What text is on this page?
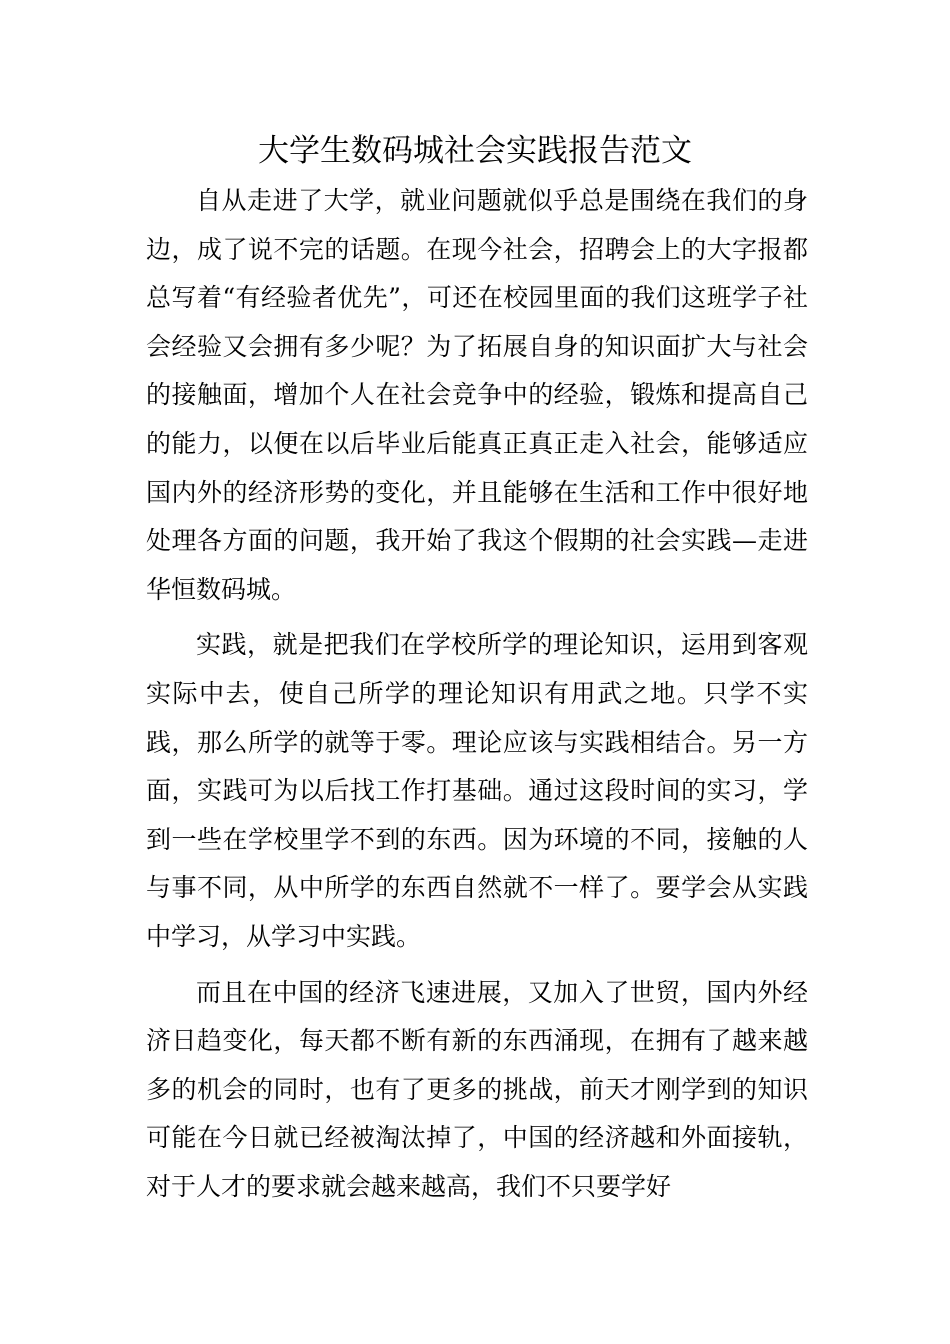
大学生数码城社会实践报告范文

自从走进了大学，就业问题就似乎总是围绕在我们的身边，成了说不完的话题。在现今社会，招聘会上的大字报都总写着“有经验者优先”，可还在校园里面的我们这班学子社会经验又会拥有多少呢？为了拓展自身的知识面扩大与社会的接触面，增加个人在社会竞争中的经验，锻炼和提高自己的能力，以便在以后毕业后能真正真正走入社会，能够适应国内外的经济形势的变化，并且能够在生活和工作中很好地处理各方面的问题，我开始了我这个假期的社会实践—走进华恒数码城。

实践，就是把我们在学校所学的理论知识，运用到客观实际中去，使自己所学的理论知识有用武之地。只学不实践，那么所学的就等于零。理论应该与实践相结合。另一方面，实践可为以后找工作打基础。通过这段时间的实习，学到一些在学校里学不到的东西。因为环境的不同，接触的人与事不同，从中所学的东西自然就不一样了。要学会从实践中学习，从学习中实践。

而且在中国的经济飞速进展，又加入了世贸，国内外经济日趋变化，每天都不断有新的东西涌现，在拥有了越来越多的机会的同时，也有了更多的挑战，前天才刚学到的知识可能在今日就已经被淘汰掉了，中国的经济越和外面接轨，对于人才的要求就会越来越高，我们不只要学好
